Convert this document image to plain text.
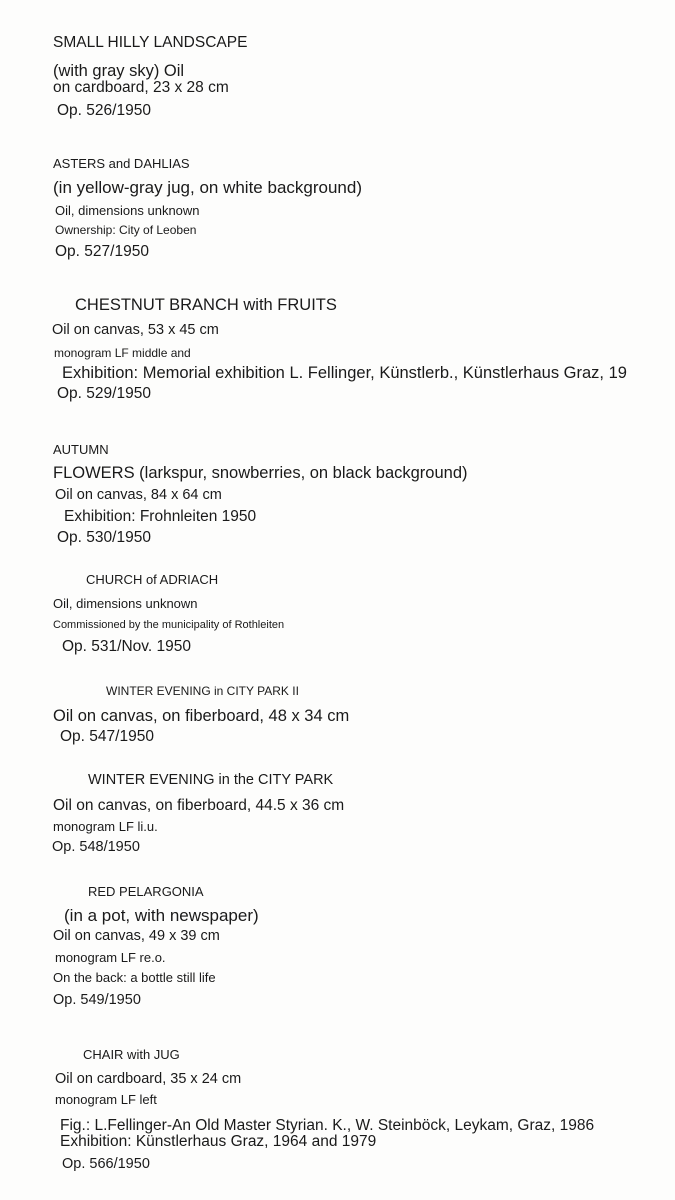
SMALL HILLY LANDSCAPE
(with gray sky) Oil
on cardboard, 23 x 28 cm
Op. 526/1950
ASTERS and DAHLIAS
(in yellow-gray jug, on white background)
Oil, dimensions unknown
Ownership: City of Leoben
Op. 527/1950
CHESTNUT BRANCH with FRUITS
Oil on canvas, 53 x 45 cm
monogram LF middle and
Exhibition: Memorial exhibition L. Fellinger, Künstlerb., Künstlerhaus Graz, 19
Op. 529/1950
AUTUMN
FLOWERS (larkspur, snowberries, on black background)
Oil on canvas, 84 x 64 cm
Exhibition: Frohnleiten 1950
Op. 530/1950
CHURCH of ADRIACH
Oil, dimensions unknown
Commissioned by the municipality of Rothleiten
Op. 531/Nov. 1950
WINTER EVENING in CITY PARK II
Oil on canvas, on fiberboard, 48 x 34 cm
Op. 547/1950
WINTER EVENING in the CITY PARK
Oil on canvas, on fiberboard, 44.5 x 36 cm
monogram LF li.u.
Op. 548/1950
RED PELARGONIA
(in a pot, with newspaper)
Oil on canvas, 49 x 39 cm
monogram LF re.o.
On the back: a bottle still life
Op. 549/1950
CHAIR with JUG
Oil on cardboard, 35 x 24 cm
monogram LF left
Fig.: L.Fellinger-An Old Master Styrian. K., W. Steinböck, Leykam, Graz, 1986
Exhibition: Künstlerhaus Graz, 1964 and 1979
Op. 566/1950
